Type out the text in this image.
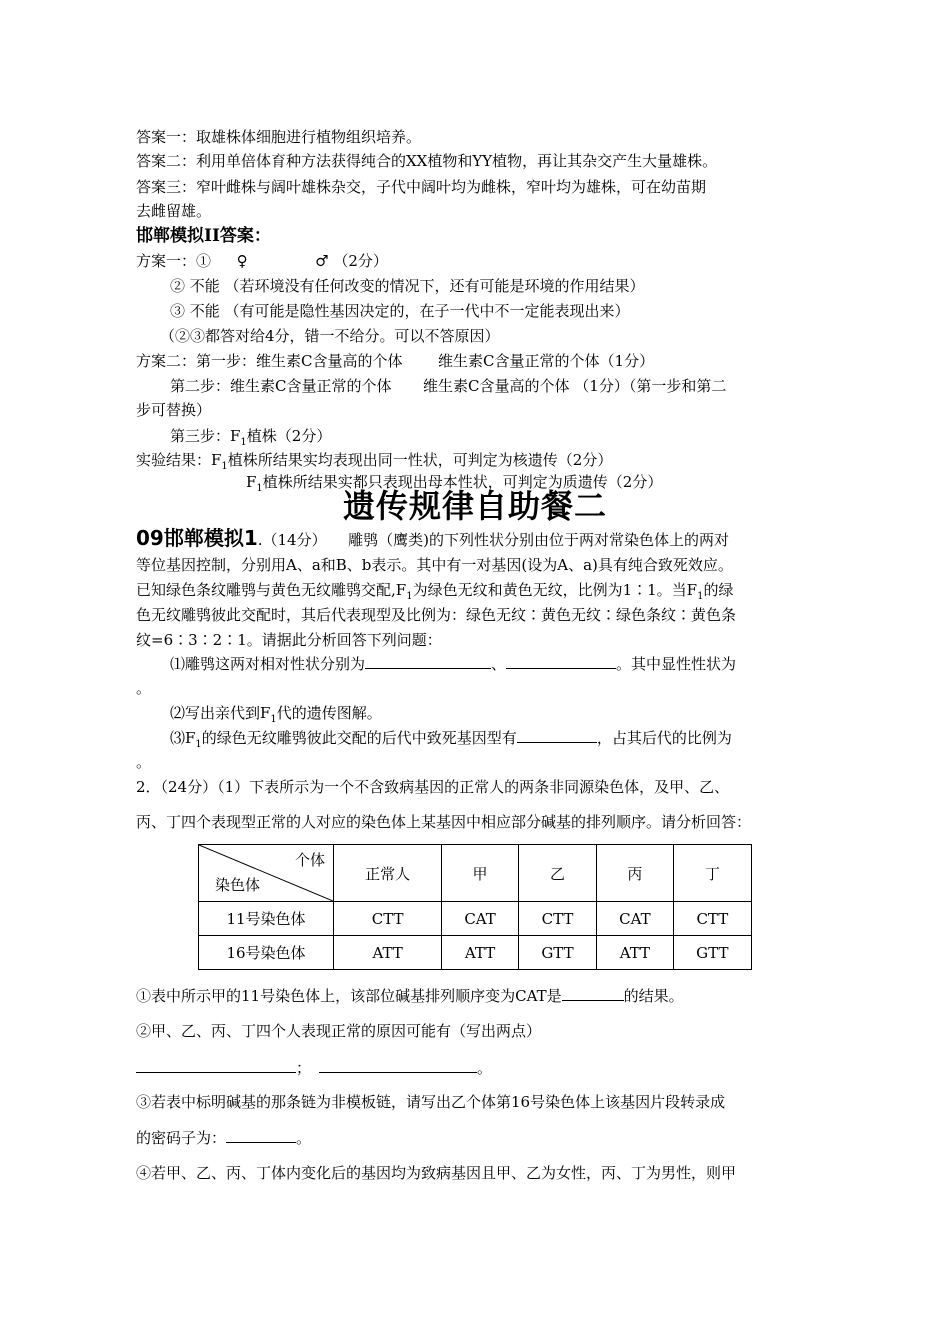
答案一：取雄株体细胞进行植物组织培养。
答案二：利用单倍体育种方法获得纯合的XX植物和YY植物，再让其杂交产生大量雄株。
答案三：窄叶雌株与阔叶雄株杂交，子代中阔叶均为雌株，窄叶均为雄株，可在幼苗期
去雌留雄。
邯郸模拟II答案：
方案一：① ♀	♂ （2分）
② 不能 （若环境没有任何改变的情况下，还有可能是环境的作用结果）
③ 不能 （有可能是隐性基因决定的，在子一代中不一定能表现出来）
（②③都答对给4分，错一不给分。可以不答原因）
方案二：第一步：维生素C含量高的个体 维生素C含量正常的个体（1分）
第二步：维生素C含量正常的个体 维生素C含量高的个体 （1分）（第一步和第二
步可替换）
第三步：$F_1$植株（2分）
实验结果：$F_1$植株所结果实均表现出同一性状，可判定为核遗传（2分）
$F_1$植株所结果实都只表现出母本性状，可判定为质遗传（2分）
遗传规律自助餐二
09邯郸模拟1.（14分） 雕鸮（鹰类)的下列性状分别由位于两对常染色体上的两对
等位基因控制，分别用A、a和B、b表示。其中有一对基因(设为A、a)具有纯合致死效应。
已知绿色条纹雕鸮与黄色无纹雕鸮交配$,F_1$为绿色无纹和黄色无纹，比例为1∶1。当$F_1$的绿
色无纹雕鸮彼此交配时，其后代表现型及比例为：绿色无纹∶黄色无纹∶绿色条纹∶黄色条
纹=6∶3∶2∶1。请据此分析回答下列问题：
⑴雕鸮这两对相对性状分别为	、	。其中显性性状为
。
⑵写出亲代到$F_1$代的遗传图解。
$⑶F_1$的绿色无纹雕鸮彼此交配的后代中致死基因型有	，占其后代的比例为
。
2．（24分）（1）下表所示为一个不含致病基因的正常人的两条非同源染色体，及甲、乙、
丙、丁四个表现型正常的人对应的染色体上某基因中相应部分碱基的排列顺序。请分析回答：
个体
染色体	正常人	甲	乙	丙	丁
11号染色体	CTT	CAT	CTT	CAT	CTT
16号染色体	ATT	ATT	GTT	ATT	GTT
①表中所示甲的11号染色体上，该部位碱基排列顺序变为CAT是	的结果。
②甲、乙、丙、丁四个人表现正常的原因可能有（写出两点）
；	。
③若表中标明碱基的那条链为非模板链，请写出乙个体第16号染色体上该基因片段转录成
的密码子为：	。
④若甲、乙、丙、丁体内变化后的基因均为致病基因且甲、乙为女性，丙、丁为男性，则甲
